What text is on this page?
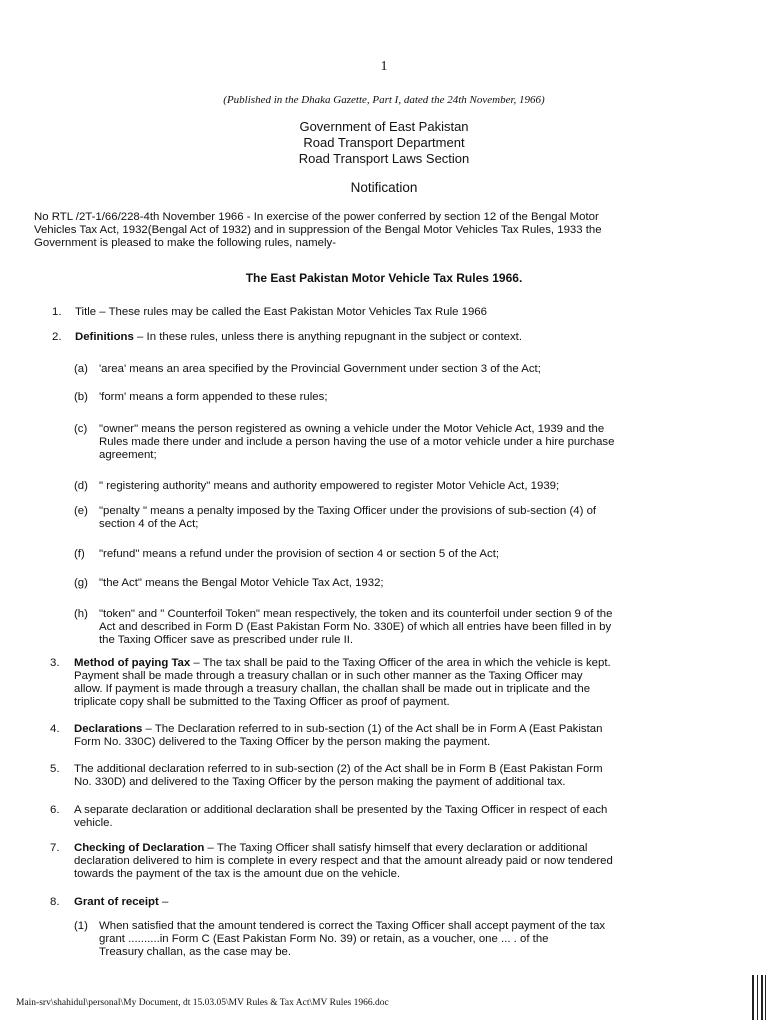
1
(Published in the Dhaka Gazette, Part I, dated the 24th November, 1966)
Government of East Pakistan
Road Transport Department
Road Transport Laws Section
Notification
No RTL /2T-1/66/228-4th November 1966 - In exercise of the power conferred by section 12 of the Bengal Motor
Vehicles Tax Act, 1932(Bengal Act of 1932) and in suppression of the Bengal Motor Vehicles Tax Rules, 1933 the
Government is pleased to make the following rules, namely-
The East Pakistan Motor Vehicle Tax Rules 1966.
1. Title – These rules may be called the East Pakistan Motor Vehicles Tax Rule 1966
2. Definitions – In these rules, unless there is anything repugnant in the subject or context.
(a) 'area' means an area specified by the Provincial Government under section 3 of the Act;
(b) 'form' means a form appended to these rules;
(c) "owner" means the person registered as owning a vehicle under the Motor Vehicle Act, 1939 and the
Rules made there under and include a person having the use of a motor vehicle under a hire purchase
agreement;
(d) " registering authority" means and authority empowered to register Motor Vehicle Act, 1939;
(e) "penalty " means a penalty imposed by the Taxing Officer under the provisions of sub-section (4) of
section 4 of the Act;
(f) "refund" means a refund under the provision of section 4 or section 5 of the Act;
(g) "the Act" means the Bengal Motor Vehicle Tax Act, 1932;
(h) "token" and " Counterfoil Token" mean respectively, the token and its counterfoil under section 9 of the
Act and described in Form D (East Pakistan Form No. 330E) of which all entries have been filled in by
the Taxing Officer save as prescribed under rule II.
3. Method of paying Tax – The tax shall be paid to the Taxing Officer of the area in which the vehicle is kept.
Payment shall be made through a treasury challan or in such other manner as the Taxing Officer may
allow. If payment is made through a treasury challan, the challan shall be made out in triplicate and the
triplicate copy shall be submitted to the Taxing Officer as proof of payment.
4. Declarations – The Declaration referred to in sub-section (1) of the Act shall be in Form A (East Pakistan
Form No. 330C) delivered to the Taxing Officer by the person making the payment.
5. The additional declaration referred to in sub-section (2) of the Act shall be in Form B (East Pakistan Form
No. 330D) and delivered to the Taxing Officer by the person making the payment of additional tax.
6. A separate declaration or additional declaration shall be presented by the Taxing Officer in respect of each
vehicle.
7. Checking of Declaration – The Taxing Officer shall satisfy himself that every declaration or additional
declaration delivered to him is complete in every respect and that the amount already paid or now tendered
towards the payment of the tax is the amount due on the vehicle.
8. Grant of receipt –
(1) When satisfied that the amount tendered is correct the Taxing Officer shall accept payment of the tax
grant ..........in Form C (East Pakistan Form No. 39) or retain, as a voucher, one ... . of the
Treasury challan, as the case may be.
Main-srv\shahidul\personal\My Document, dt 15.03.05\MV Rules & Tax Act\MV Rules 1966.doc
